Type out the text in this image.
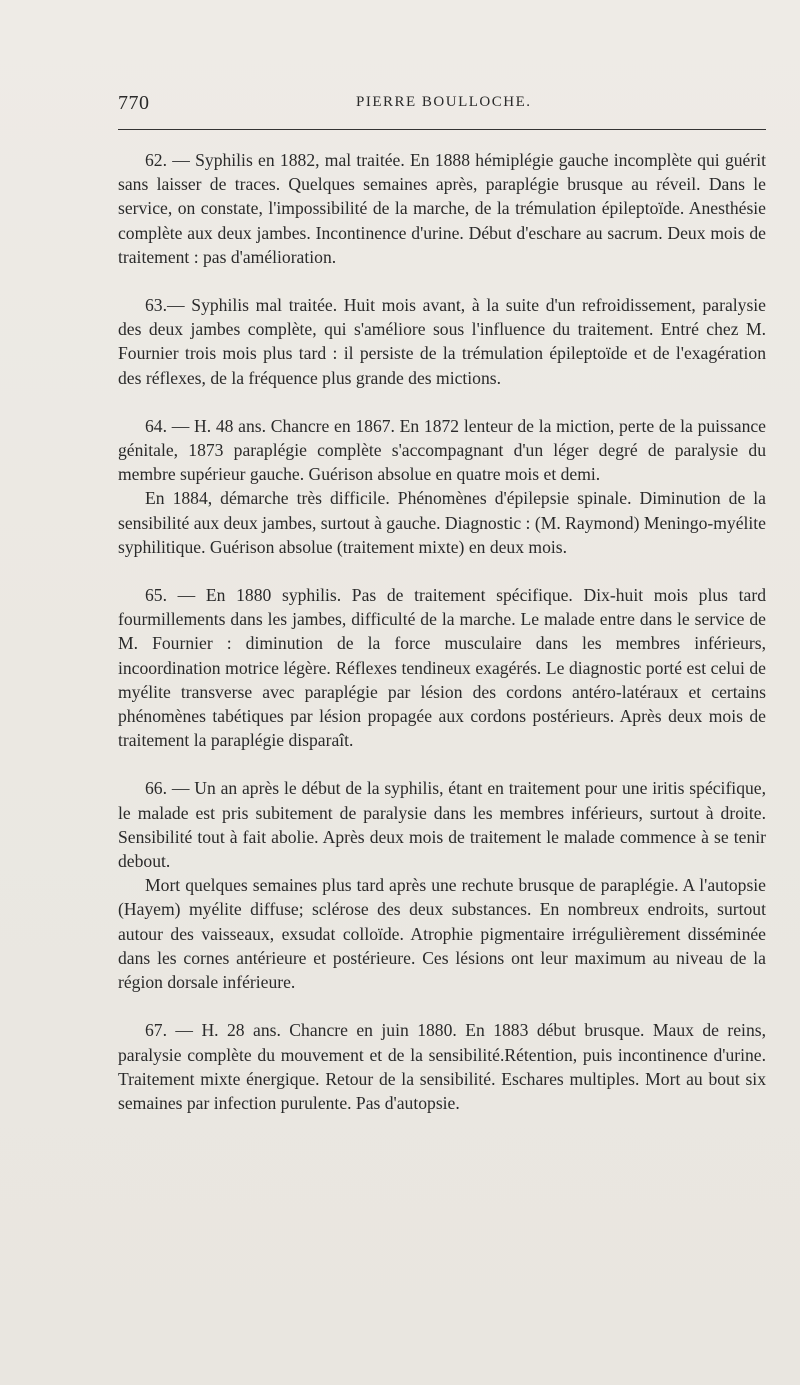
770	PIERRE BOULLOCHE.

62. — Syphilis en 1882, mal traitée. En 1888 hémiplégie gauche incomplète qui guérit sans laisser de traces. Quelques semaines après, paraplégie brusque au réveil. Dans le service, on constate, l'impossibilité de la marche, de la trémulation épileptoïde. Anesthésie complète aux deux jambes. Incontinence d'urine. Début d'eschare au sacrum. Deux mois de traitement : pas d'amélioration.

63.— Syphilis mal traitée. Huit mois avant, à la suite d'un refroidissement, paralysie des deux jambes complète, qui s'améliore sous l'influence du traitement. Entré chez M. Fournier trois mois plus tard : il persiste de la trémulation épileptoïde et de l'exagération des réflexes, de la fréquence plus grande des mictions.

64. — H. 48 ans. Chancre en 1867. En 1872 lenteur de la miction, perte de la puissance génitale, 1873 paraplégie complète s'accompagnant d'un léger degré de paralysie du membre supérieur gauche. Guérison absolue en quatre mois et demi.

En 1884, démarche très difficile. Phénomènes d'épilepsie spinale. Diminution de la sensibilité aux deux jambes, surtout à gauche. Diagnostic : (M. Raymond) Meningo-myélite syphilitique. Guérison absolue (traitement mixte) en deux mois.

65. — En 1880 syphilis. Pas de traitement spécifique. Dix-huit mois plus tard fourmillements dans les jambes, difficulté de la marche. Le malade entre dans le service de M. Fournier : diminution de la force musculaire dans les membres inférieurs, incoordination motrice légère. Réflexes tendineux exagérés. Le diagnostic porté est celui de myélite transverse avec paraplégie par lésion des cordons antéro-latéraux et certains phénomènes tabétiques par lésion propagée aux cordons postérieurs. Après deux mois de traitement la paraplégie disparaît.

66. — Un an après le début de la syphilis, étant en traitement pour une iritis spécifique, le malade est pris subitement de paralysie dans les membres inférieurs, surtout à droite. Sensibilité tout à fait abolie. Après deux mois de traitement le malade commence à se tenir debout.

Mort quelques semaines plus tard après une rechute brusque de paraplégie. A l'autopsie (Hayem) myélite diffuse; sclérose des deux substances. En nombreux endroits, surtout autour des vaisseaux, exsudat colloïde. Atrophie pigmentaire irrégulièrement disséminée dans les cornes antérieure et postérieure. Ces lésions ont leur maximum au niveau de la région dorsale inférieure.

67. — H. 28 ans. Chancre en juin 1880. En 1883 début brusque. Maux de reins, paralysie complète du mouvement et de la sensibilité.Rétention, puis incontinence d'urine. Traitement mixte énergique. Retour de la sensibilité. Eschares multiples. Mort au bout six semaines par infection purulente. Pas d'autopsie.
